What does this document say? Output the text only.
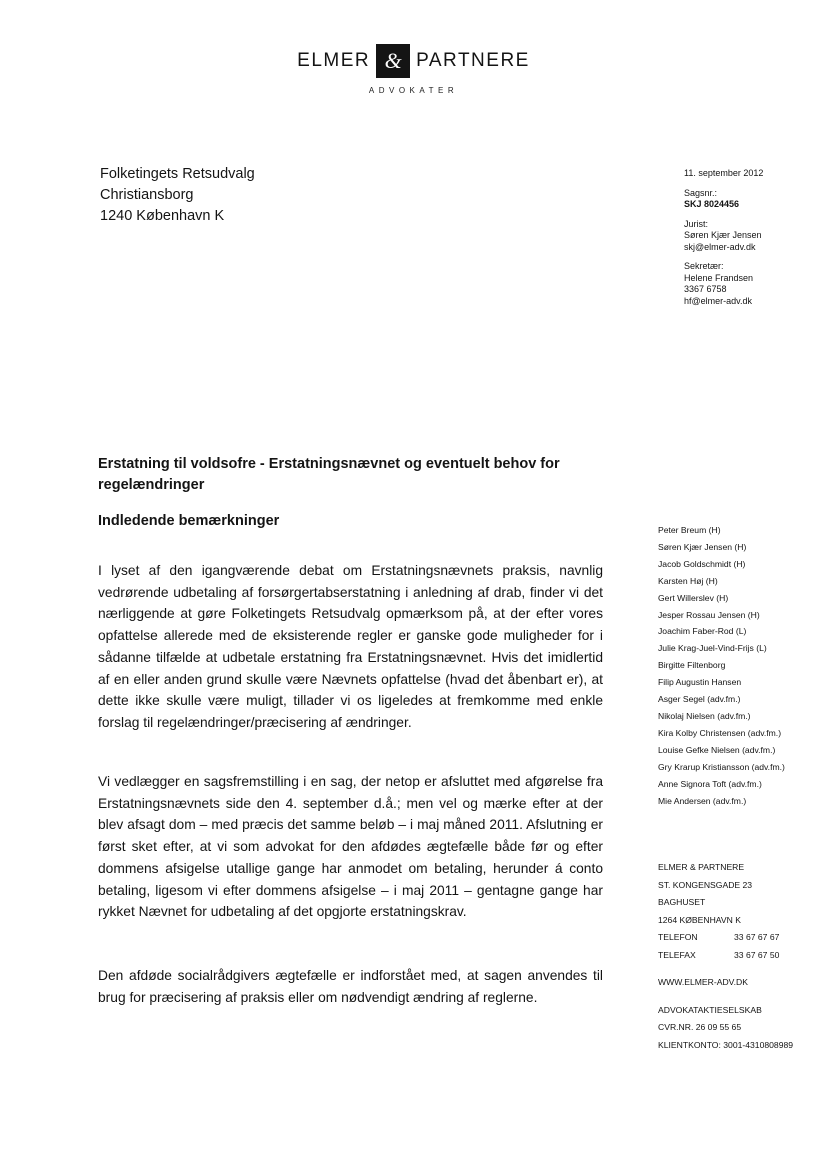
ELMER & PARTNERE
ADVOKATER
Folketingets Retsudvalg
Christiansborg
1240 København K
11. september 2012
Sagsnr.:
SKJ 8024456
Jurist:
Søren Kjær Jensen
skj@elmer-adv.dk
Sekretær:
Helene Frandsen
3367 6758
hf@elmer-adv.dk
Erstatning til voldsofre - Erstatningsnævnet og eventuelt behov for regelændringer
Indledende bemærkninger
I lyset af den igangværende debat om Erstatningsnævnets praksis, navnlig vedrørende udbetaling af forsørgertabserstatning i anledning af drab, finder vi det nærliggende at gøre Folketingets Retsudvalg opmærksom på, at der efter vores opfattelse allerede med de eksisterende regler er ganske gode muligheder for i sådanne tilfælde at udbetale erstatning fra Erstatningsnævnet. Hvis det imidlertid af en eller anden grund skulle være Nævnets opfattelse (hvad det åbenbart er), at dette ikke skulle være muligt, tillader vi os ligeledes at fremkomme med enkle forslag til regelændringer/præcisering af ændringer.
Vi vedlægger en sagsfremstilling i en sag, der netop er afsluttet med afgørelse fra Erstatningsnævnets side den 4. september d.å.; men vel og mærke efter at der blev afsagt dom – med præcis det samme beløb – i maj måned 2011. Afslutning er først sket efter, at vi som advokat for den afdødes ægtefælle både før og efter dommens afsigelse utallige gange har anmodet om betaling, herunder á conto betaling, ligesom vi efter dommens afsigelse – i maj 2011 – gentagne gange har rykket Nævnet for udbetaling af det opgjorte erstatningskrav.
Den afdøde socialrådgivers ægtefælle er indforstået med, at sagen anvendes til brug for præcisering af praksis eller om nødvendigt ændring af reglerne.
Peter Breum (H)
Søren Kjær Jensen (H)
Jacob Goldschmidt (H)
Karsten Høj (H)
Gert Willerslev (H)
Jesper Rossau Jensen (H)
Joachim Faber-Rod (L)
Julie Krag-Juel-Vind-Frijs (L)
Birgitte Filtenborg
Filip Augustin Hansen
Asger Segel (adv.fm.)
Nikolaj Nielsen (adv.fm.)
Kira Kolby Christensen (adv.fm.)
Louise Gefke Nielsen (adv.fm.)
Gry Krarup Kristiansson (adv.fm.)
Anne Signora Toft (adv.fm.)
Mie Andersen (adv.fm.)
ELMER & PARTNERE
ST. KONGENSGADE 23
BAGHUSET
1264 KØBENHAVN K
TELEFON	33 67 67 67
TELEFAX	33 67 67 50
WWW.ELMER-ADV.DK
ADVOKATAKTIESELSKAB
CVR.NR. 26 09 55 65
KLIENTKONTO: 3001-4310808989
